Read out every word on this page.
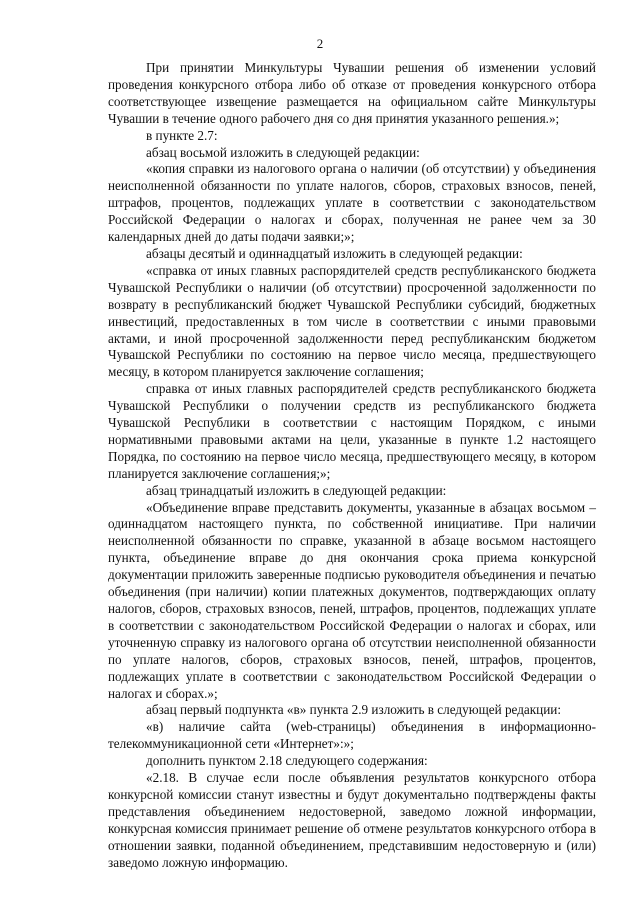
2

При принятии Минкультуры Чувашии решения об изменении условий проведения конкурсного отбора либо об отказе от проведения конкурсного отбора соответствующее извещение размещается на официальном сайте Минкультуры Чувашии в течение одного рабочего дня со дня принятия указанного решения.»;

в пункте 2.7:

абзац восьмой изложить в следующей редакции:

«копия справки из налогового органа о наличии (об отсутствии) у объединения неисполненной обязанности по уплате налогов, сборов, страховых взносов, пеней, штрафов, процентов, подлежащих уплате в соответствии с законодательством Российской Федерации о налогах и сборах, полученная не ранее чем за 30 календарных дней до даты подачи заявки;»;

абзацы десятый и одиннадцатый изложить в следующей редакции:

«справка от иных главных распорядителей средств республиканского бюджета Чувашской Республики о наличии (об отсутствии) просроченной задолженности по возврату в республиканский бюджет Чувашской Республики субсидий, бюджетных инвестиций, предоставленных в том числе в соответствии с иными правовыми актами, и иной просроченной задолженности перед республиканским бюджетом Чувашской Республики по состоянию на первое число месяца, предшествующего месяцу, в котором планируется заключение соглашения;

справка от иных главных распорядителей средств республиканского бюджета Чувашской Республики о получении средств из республиканского бюджета Чувашской Республики в соответствии с настоящим Порядком, с иными нормативными правовыми актами на цели, указанные в пункте 1.2 настоящего Порядка, по состоянию на первое число месяца, предшествующего месяцу, в котором планируется заключение соглашения;»;

абзац тринадцатый изложить в следующей редакции:

«Объединение вправе представить документы, указанные в абзацах восьмом – одиннадцатом настоящего пункта, по собственной инициативе. При наличии неисполненной обязанности по справке, указанной в абзаце восьмом настоящего пункта, объединение вправе до дня окончания срока приема конкурсной документации приложить заверенные подписью руководителя объединения и печатью объединения (при наличии) копии платежных документов, подтверждающих оплату налогов, сборов, страховых взносов, пеней, штрафов, процентов, подлежащих уплате в соответствии с законодательством Российской Федерации о налогах и сборах, или уточненную справку из налогового органа об отсутствии неисполненной обязанности по уплате налогов, сборов, страховых взносов, пеней, штрафов, процентов, подлежащих уплате в соответствии с законодательством Российской Федерации о налогах и сборах.»;

абзац первый подпункта «в» пункта 2.9 изложить в следующей редакции:

«в) наличие сайта (web-страницы) объединения в информационно-телекоммуникационной сети «Интернет»:»;

дополнить пунктом 2.18 следующего содержания:

«2.18. В случае если после объявления результатов конкурсного отбора конкурсной комиссии станут известны и будут документально подтверждены факты представления объединением недостоверной, заведомо ложной информации, конкурсная комиссия принимает решение об отмене результатов конкурсного отбора в отношении заявки, поданной объединением, представившим недостоверную и (или) заведомо ложную информацию.
